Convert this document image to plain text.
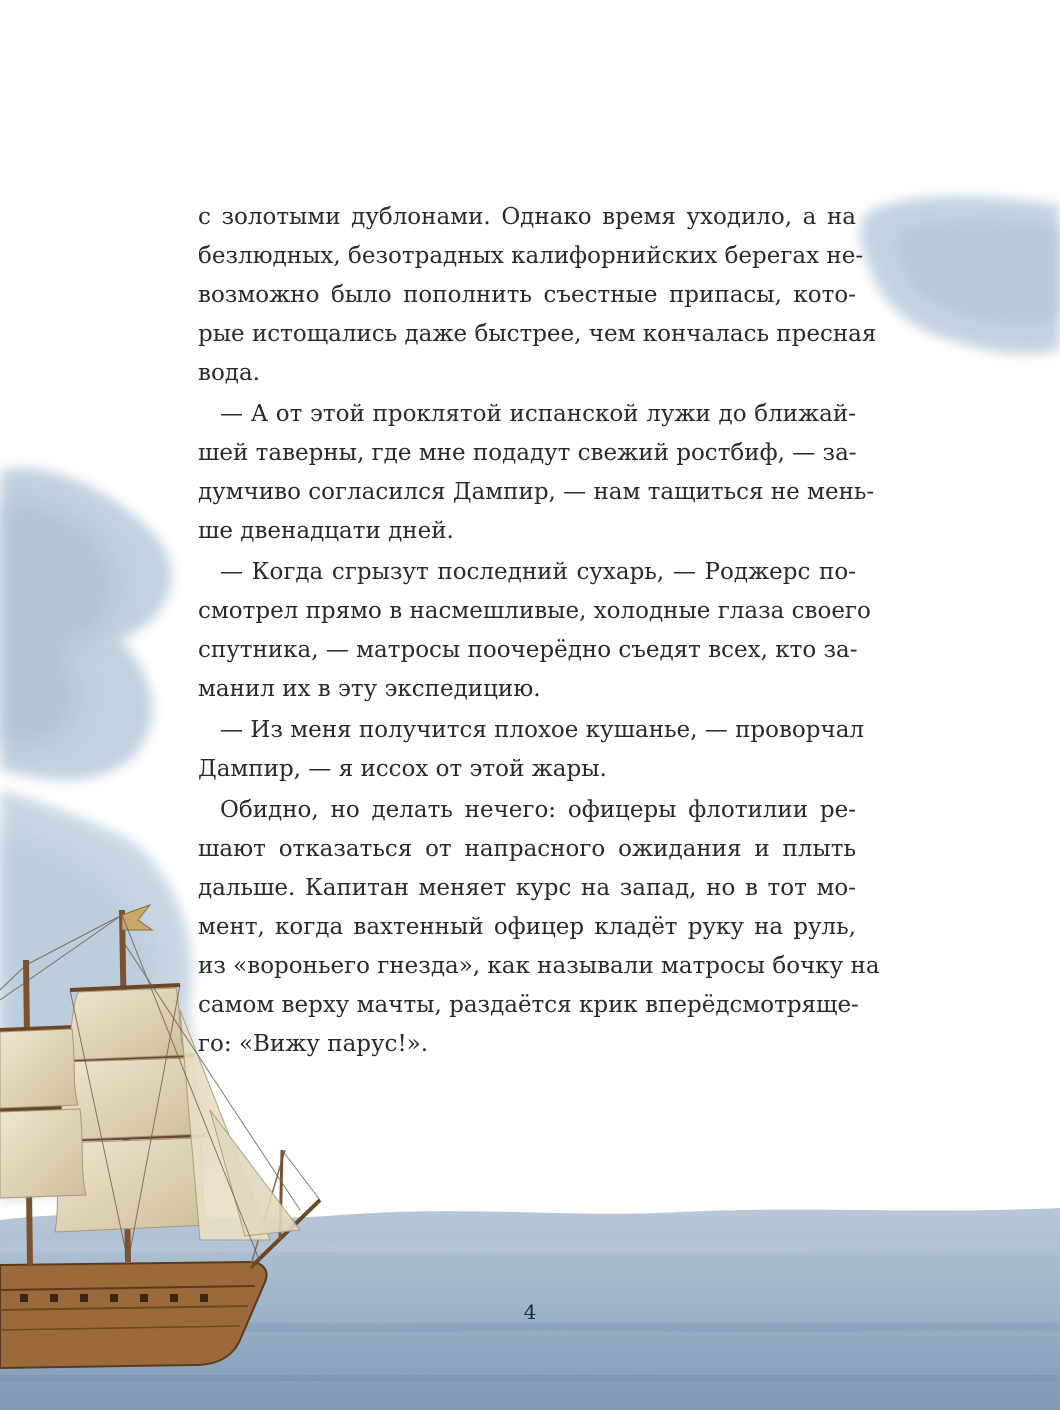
с золотыми дублонами. Однако время уходило, а на
безлюдных, безотрадных калифорнийских берегах не-
возможно было пополнить съестные припасы, кото-
рые истощались даже быстрее, чем кончалась пресная
вода.
— А от этой проклятой испанской лужи до ближай-
шей таверны, где мне подадут свежий ростбиф, — за-
думчиво согласился Дампир, — нам тащиться не мень-
ше двенадцати дней.
— Когда сгрызут последний сухарь, — Роджерс по-
смотрел прямо в насмешливые, холодные глаза своего
спутника, — матросы поочерёдно съедят всех, кто за-
манил их в эту экспедицию.
— Из меня получится плохое кушанье, — проворчал
Дампир, — я иссох от этой жары.
Обидно, но делать нечего: офицеры флотилии ре-
шают отказаться от напрасного ожидания и плыть
дальше. Капитан меняет курс на запад, но в тот мо-
мент, когда вахтенный офицер кладёт руку на руль,
из «вороньего гнезда», как называли матросы бочку на
самом верху мачты, раздаётся крик вперёдсмотряще-
го: «Вижу парус!».
4
